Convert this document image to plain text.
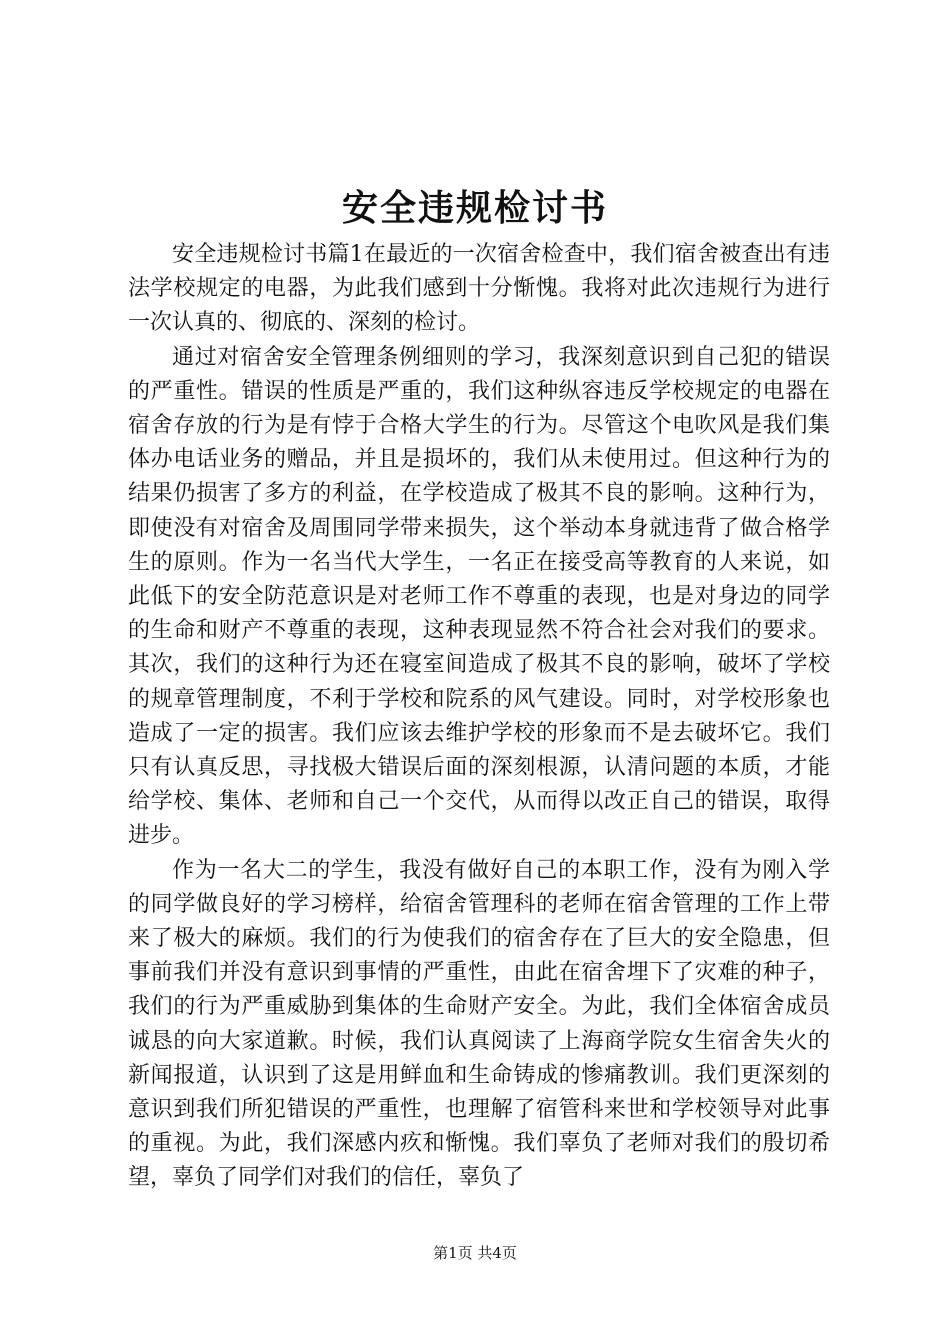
安全违规检讨书

安全违规检讨书篇1在最近的一次宿舍检查中，我们宿舍被查出有违法学校规定的电器，为此我们感到十分惭愧。我将对此次违规行为进行一次认真的、彻底的、深刻的检讨。

通过对宿舍安全管理条例细则的学习，我深刻意识到自己犯的错误的严重性。错误的性质是严重的，我们这种纵容违反学校规定的电器在宿舍存放的行为是有悖于合格大学生的行为。尽管这个电吹风是我们集体办电话业务的赠品，并且是损坏的，我们从未使用过。但这种行为的结果仍损害了多方的利益，在学校造成了极其不良的影响。这种行为，即使没有对宿舍及周围同学带来损失，这个举动本身就违背了做合格学生的原则。作为一名当代大学生，一名正在接受高等教育的人来说，如此低下的安全防范意识是对老师工作不尊重的表现，也是对身边的同学的生命和财产不尊重的表现，这种表现显然不符合社会对我们的要求。其次，我们的这种行为还在寝室间造成了极其不良的影响，破坏了学校的规章管理制度，不利于学校和院系的风气建设。同时，对学校形象也造成了一定的损害。我们应该去维护学校的形象而不是去破坏它。我们只有认真反思，寻找极大错误后面的深刻根源，认清问题的本质，才能给学校、集体、老师和自己一个交代，从而得以改正自己的错误，取得进步。

作为一名大二的学生，我没有做好自己的本职工作，没有为刚入学的同学做良好的学习榜样，给宿舍管理科的老师在宿舍管理的工作上带来了极大的麻烦。我们的行为使我们的宿舍存在了巨大的安全隐患，但事前我们并没有意识到事情的严重性，由此在宿舍埋下了灾难的种子，我们的行为严重威胁到集体的生命财产安全。为此，我们全体宿舍成员诚恳的向大家道歉。时候，我们认真阅读了上海商学院女生宿舍失火的新闻报道，认识到了这是用鲜血和生命铸成的惨痛教训。我们更深刻的意识到我们所犯错误的严重性，也理解了宿管科来世和学校领导对此事的重视。为此，我们深感内疚和惭愧。我们辜负了老师对我们的殷切希望，辜负了同学们对我们的信任，辜负了

第1页 共4页
